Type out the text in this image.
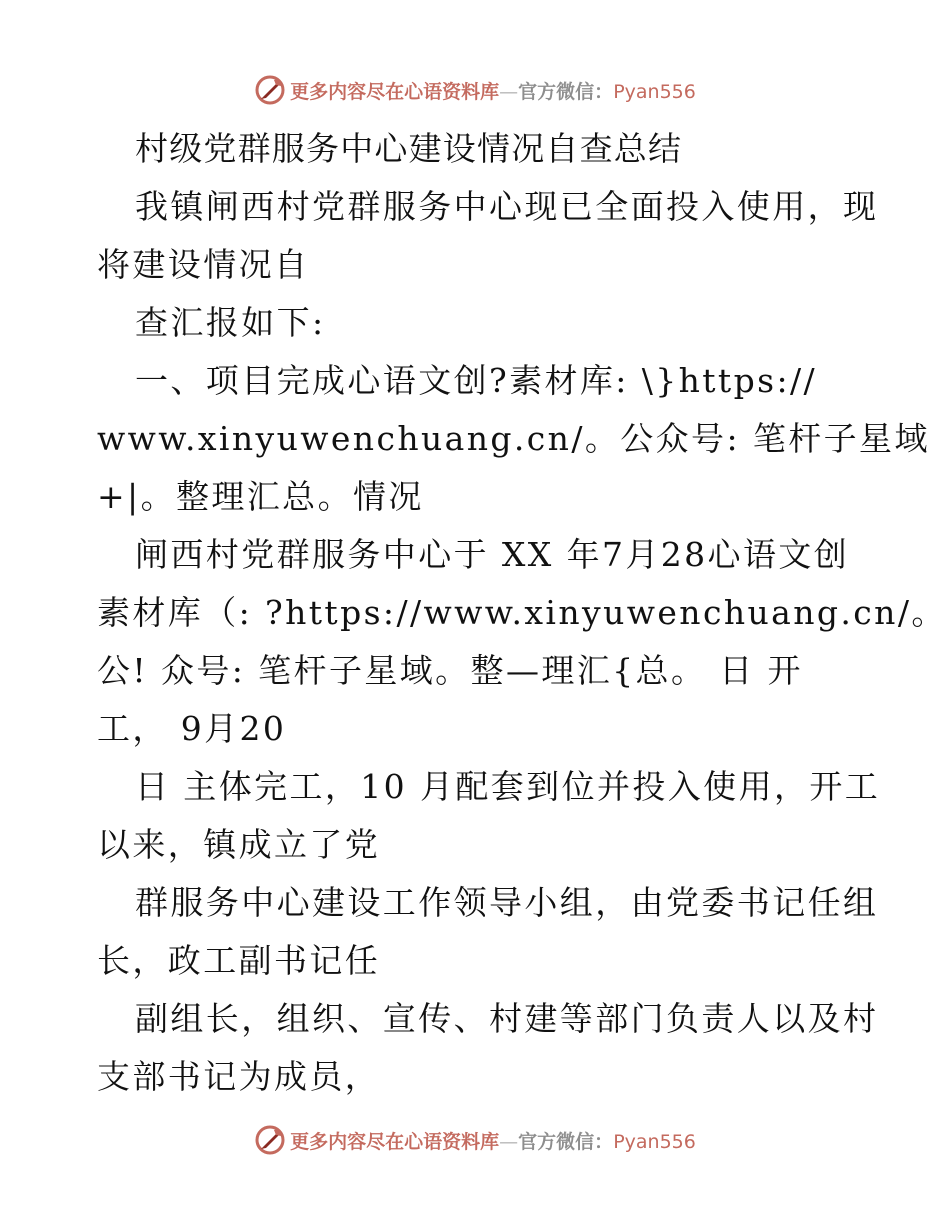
更多内容尽在心语资料库—官方微信：Pyan556
村级党群服务中心建设情况自查总结
我镇闸西村党群服务中心现已全面投入使用，现
将建设情况自
查汇报如下:
一、项目完成心语文创?素材库: \}https://
www.xinyuwenchuang.cn/。公众号: 笔杆子星域
+|。整理汇总。情况
闸西村党群服务中心于 XX 年7月28心语文创
素材库（: ?https://www.xinyuwenchuang.cn/。
公! 众号: 笔杆子星域。整—理汇{总。 日 开
工， 9月20
日 主体完工，10 月配套到位并投入使用，开工
以来，镇成立了党
群服务中心建设工作领导小组，由党委书记任组
长，政工副书记任
副组长，组织、宣传、村建等部门负责人以及村
支部书记为成员，
更多内容尽在心语资料库—官方微信：Pyan556
